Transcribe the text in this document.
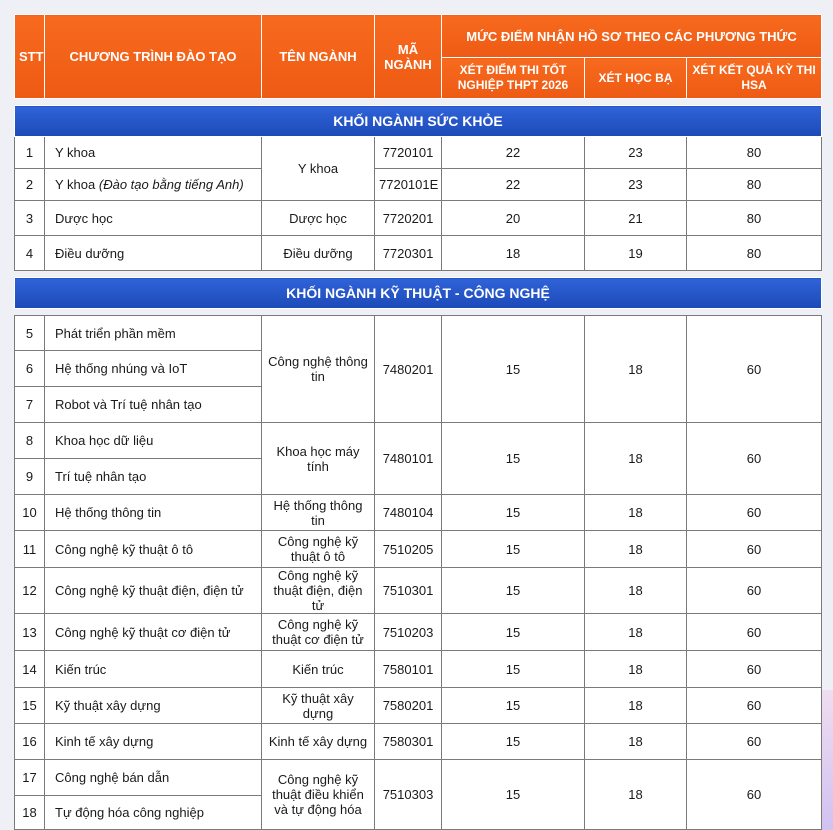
STT	CHƯƠNG TRÌNH ĐÀO TẠO	TÊN NGÀNH	MÃ NGÀNH	MỨC ĐIỂM NHẬN HỒ SƠ THEO CÁC PHƯƠNG THỨC		
				XÉT ĐIỂM THI TỐT NGHIỆP THPT 2026	XÉT HỌC BẠ	XÉT KẾT QUẢ KỲ THI HSA

KHỐI NGÀNH SỨC KHỎE						
1	Y khoa	Y khoa	7720101	22	23	80
2	Y khoa (Đào tạo bằng tiếng Anh)		7720101E	22	23	80
3	Dược học	Dược học	7720201	20	21	80
4	Điều dưỡng	Điều dưỡng	7720301	18	19	80

KHỐI NGÀNH KỸ THUẬT - CÔNG NGHỆ						

5	Phát triển phần mềm	Công nghệ thông tin	7480201	15	18	60
6	Hệ thống nhúng và IoT					
7	Robot và Trí tuệ nhân tạo					
8	Khoa học dữ liệu	Khoa học máy tính	7480101	15	18	60
9	Trí tuệ nhân tạo					
10	Hệ thống thông tin	Hệ thống thông tin	7480104	15	18	60
11	Công nghệ kỹ thuật ô tô	Công nghệ kỹ thuật ô tô	7510205	15	18	60
12	Công nghệ kỹ thuật điện, điện tử	Công nghệ kỹ thuật điện, điện tử	7510301	15	18	60
13	Công nghệ kỹ thuật cơ điện tử	Công nghệ kỹ thuật cơ điện tử	7510203	15	18	60
14	Kiến trúc	Kiến trúc	7580101	15	18	60
15	Kỹ thuật xây dựng	Kỹ thuật xây dựng	7580201	15	18	60
16	Kinh tế xây dựng	Kinh tế xây dựng	7580301	15	18	60
17	Công nghệ bán dẫn	Công nghệ kỹ thuật điều khiển và tự động hóa	7510303	15	18	60
18	Tự động hóa công nghiệp					
